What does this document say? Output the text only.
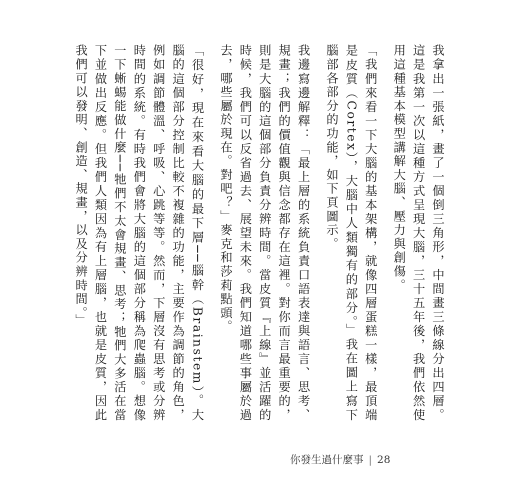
我拿出一張紙，畫了一個倒三角形，中間畫三條線分出四層。這是我第一次以這種方式呈現大腦，三十五年後，我們依然使用這種基本模型講解大腦、壓力與創傷。

「我們來看一下大腦的基本架構，就像四層蛋糕一樣，最頂端是皮質（Cortex），大腦中人類獨有的部分。」我在圖上寫下腦部各部分的功能，如下頁圖示。

我邊寫邊解釋：「最上層的系統負責口語表達與語言、思考、規畫；我們的價值觀與信念都存在這裡。對你而言最重要的，則是大腦的這個部分負責分辨時間。當皮質『上線』並活躍的時候，我們可以反省過去、展望未來。我們知道哪些事屬於過去，哪些屬於現在。對吧？」麥克和莎莉點頭。

「很好，現在來看大腦的最下層──腦幹（Brainstem）。大腦的這個部分控制比較不複雜的功能，主要作為調節的角色，例如調節體溫、呼吸、心跳等等。然而，下層沒有思考或分辨時間的系統。有時我們會將大腦的這個部分稱為爬蟲腦。想像一下蜥蜴能做什麼──牠們不太會規畫、思考；牠們大多活在當下並做出反應。但我們人類因為有上層腦，也就是皮質，因此我們可以發明、創造、規畫，以及分辨時間。」

你發生過什麼事 | 28
